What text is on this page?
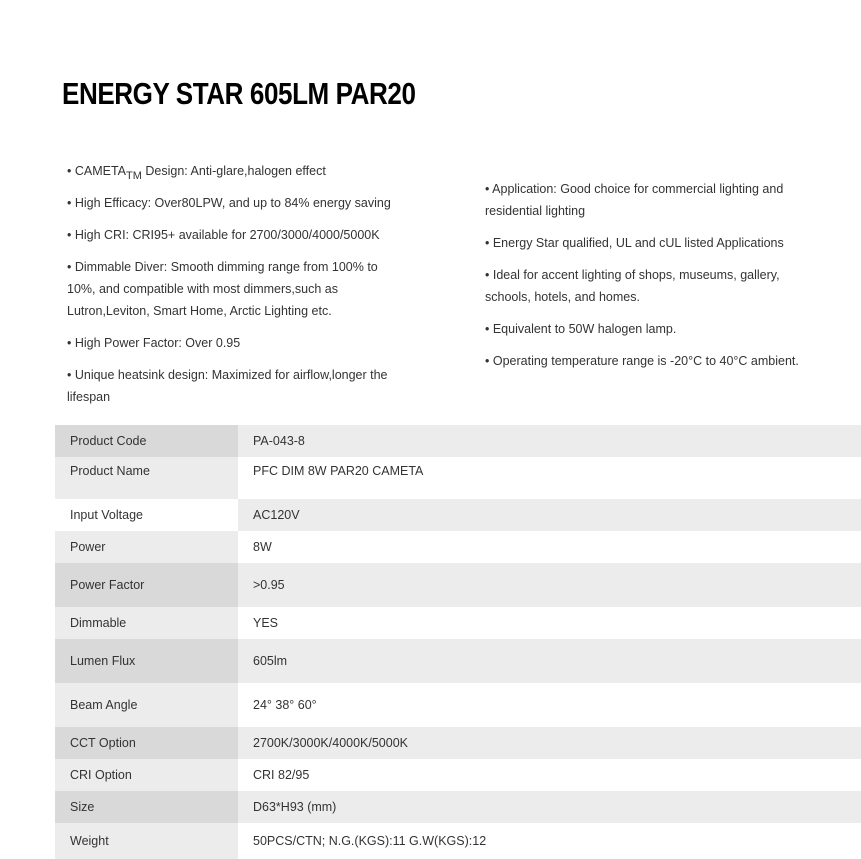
ENERGY STAR 605LM PAR20

• $CAMETA_{TM}$ Design: Anti-glare,halogen effect

• High Efficacy: Over80LPW, and up to 84% energy saving

• High CRI: CRI95+ available for 2700/3000/4000/5000K

• Dimmable Diver: Smooth dimming range from 100% to 10%, and compatible with most dimmers,such as Lutron,Leviton, Smart Home, Arctic Lighting etc.

• High Power Factor: Over 0.95

• Unique heatsink design: Maximized for airflow,longer the lifespan

• Application: Good choice for commercial lighting and residential lighting

• Energy Star qualified, UL and cUL listed Applications

• Ideal for accent lighting of shops, museums, gallery, schools, hotels, and homes.

• Equivalent to 50W halogen lamp.

• Operating temperature range is -20°C to 40°C ambient.

Product Code	PA-043-8
Product Name	PFC DIM 8W PAR20 CAMETA
Input Voltage	AC120V
Power	8W
Power Factor	>0.95
Dimmable	YES
Lumen Flux	605lm
Beam Angle	24° 38° 60°
CCT Option	2700K/3000K/4000K/5000K
CRI Option	CRI 82/95
Size	D63*H93 (mm)
Weight	50PCS/CTN; N.G.(KGS):11 G.W(KGS):12
